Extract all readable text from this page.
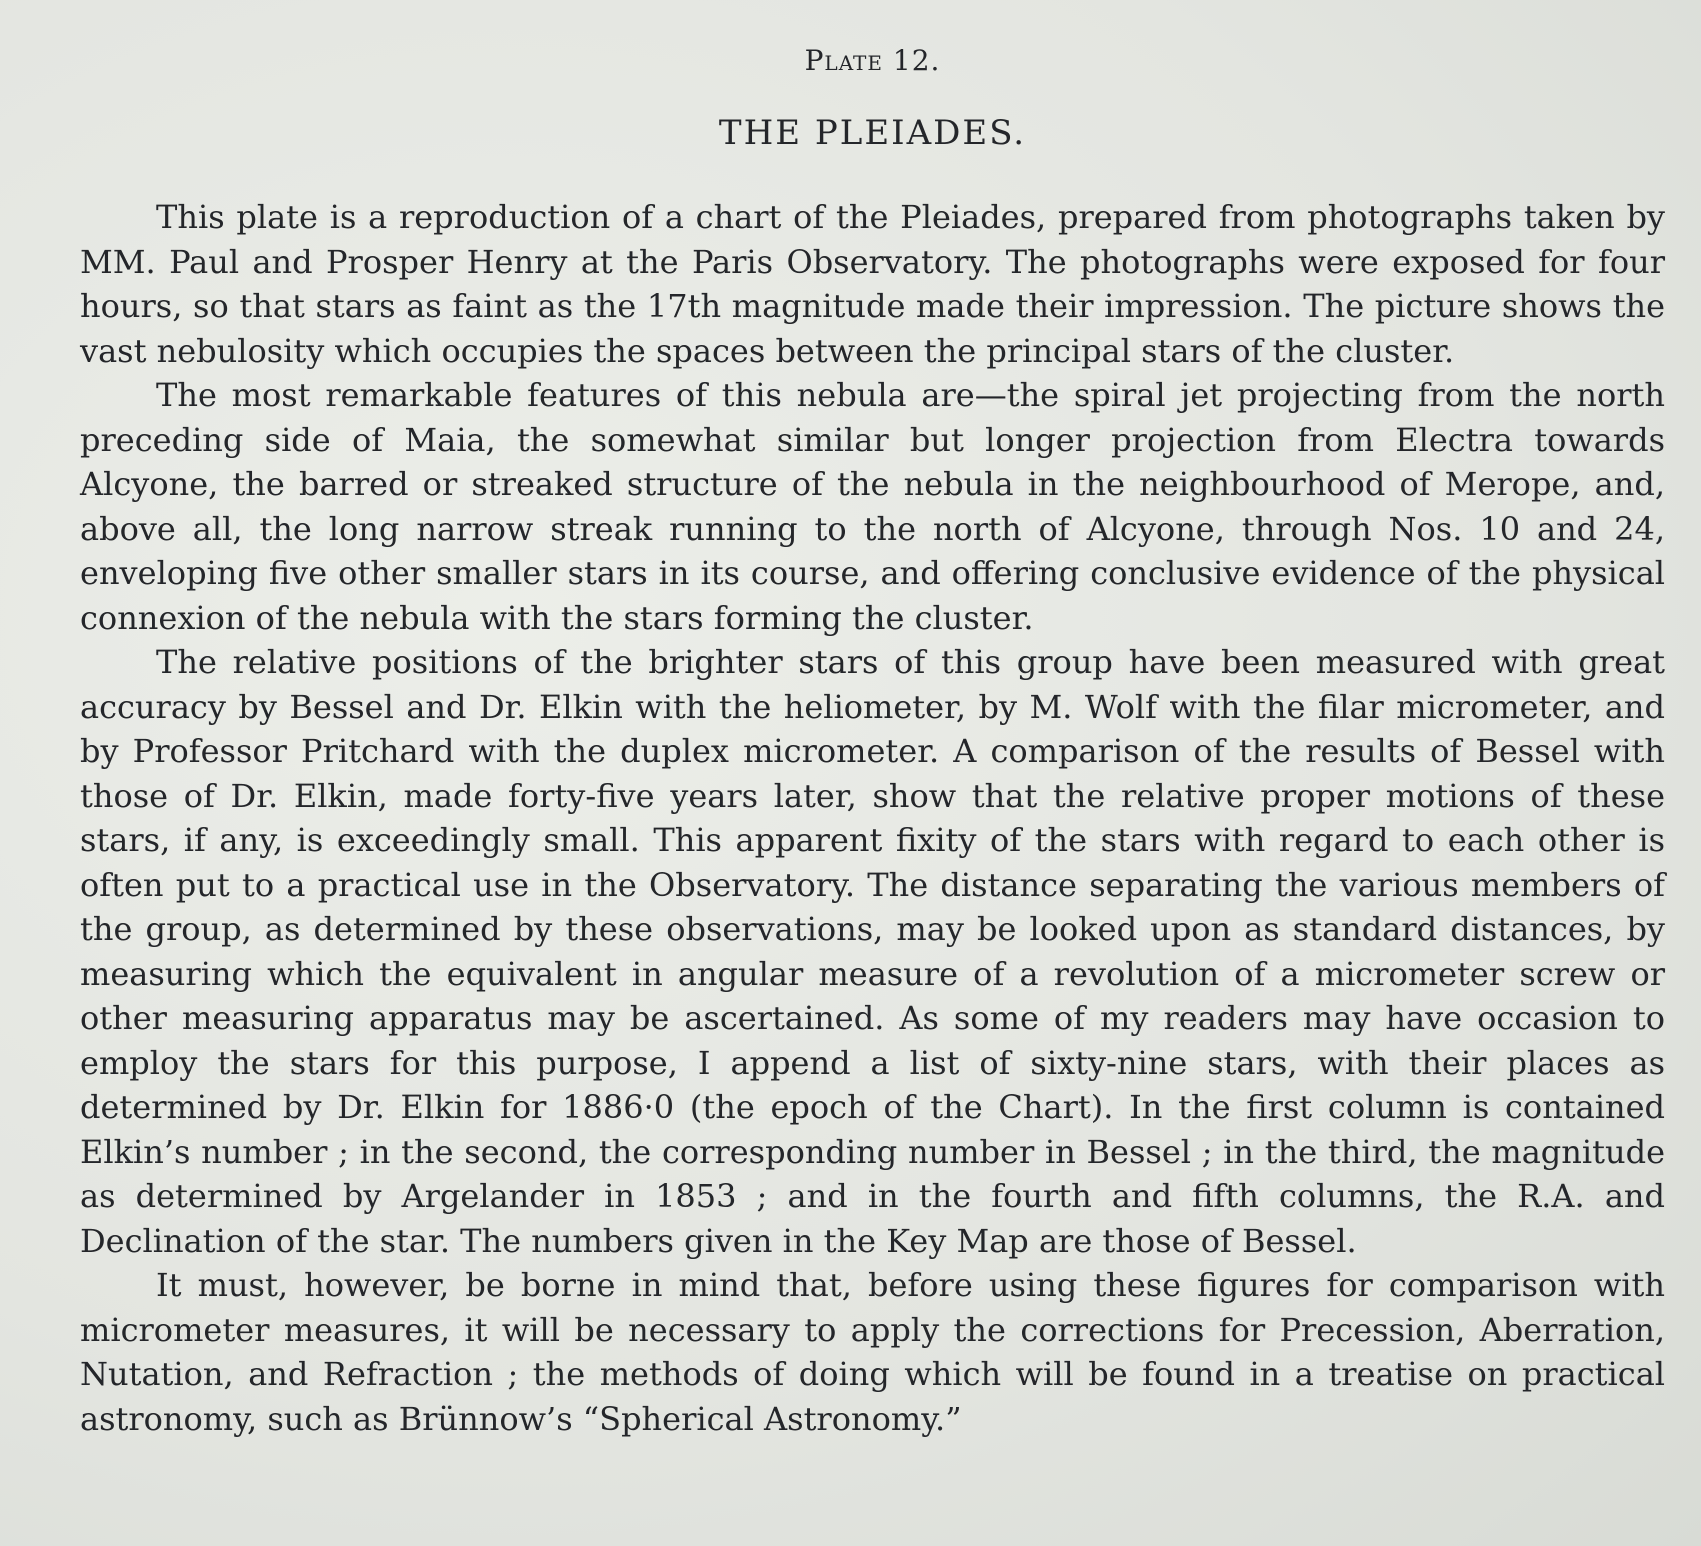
Plate 12.
THE PLEIADES.

This plate is a reproduction of a chart of the Pleiades, prepared from photographs taken by MM. Paul and Prosper Henry at the Paris Observatory. The photographs were exposed for four hours, so that stars as faint as the 17th magnitude made their impression. The picture shows the vast nebulosity which occupies the spaces between the principal stars of the cluster.

The most remarkable features of this nebula are—the spiral jet projecting from the north preceding side of Maia, the somewhat similar but longer projection from Electra towards Alcyone, the barred or streaked structure of the nebula in the neighbourhood of Merope, and, above all, the long narrow streak running to the north of Alcyone, through Nos. 10 and 24, enveloping five other smaller stars in its course, and offering conclusive evidence of the physical connexion of the nebula with the stars forming the cluster.

The relative positions of the brighter stars of this group have been measured with great accuracy by Bessel and Dr. Elkin with the heliometer, by M. Wolf with the filar micrometer, and by Professor Pritchard with the duplex micrometer. A comparison of the results of Bessel with those of Dr. Elkin, made forty-five years later, show that the relative proper motions of these stars, if any, is exceedingly small. This apparent fixity of the stars with regard to each other is often put to a practical use in the Observatory. The distance separating the various members of the group, as determined by these observations, may be looked upon as standard distances, by measuring which the equivalent in angular measure of a revolution of a micrometer screw or other measuring apparatus may be ascertained. As some of my readers may have occasion to employ the stars for this purpose, I append a list of sixty-nine stars, with their places as determined by Dr. Elkin for 1886·0 (the epoch of the Chart). In the first column is contained Elkin’s number ; in the second, the corresponding number in Bessel ; in the third, the magnitude as determined by Argelander in 1853 ; and in the fourth and fifth columns, the R.A. and Declination of the star. The numbers given in the Key Map are those of Bessel.

It must, however, be borne in mind that, before using these figures for comparison with micrometer measures, it will be necessary to apply the corrections for Precession, Aberration, Nutation, and Refraction ; the methods of doing which will be found in a treatise on practical astronomy, such as Brünnow’s “Spherical Astronomy.”
